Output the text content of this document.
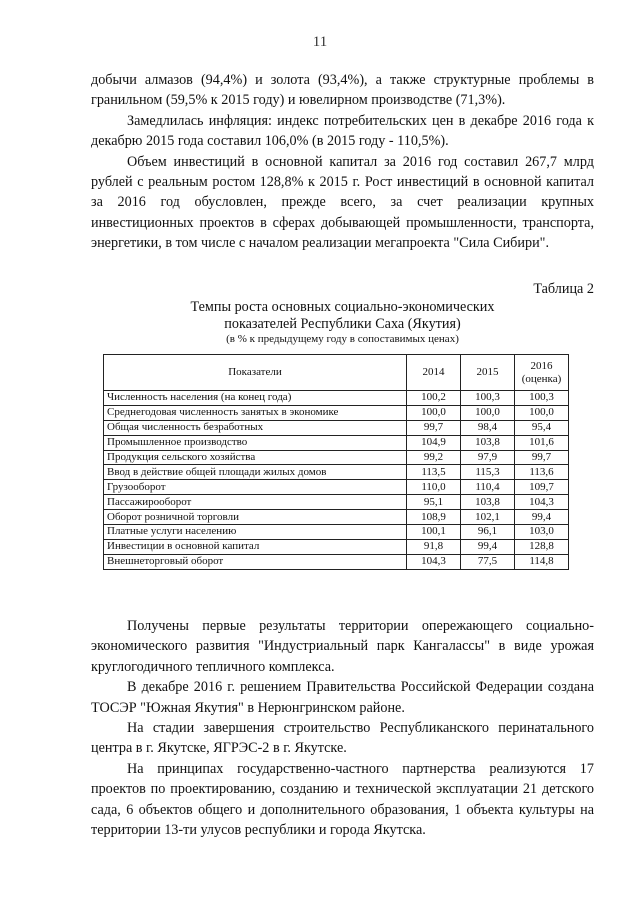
11

добычи алмазов (94,4%) и золота (93,4%), а также структурные проблемы в гранильном (59,5% к 2015 году) и ювелирном производстве (71,3%).

Замедлилась инфляция: индекс потребительских цен в декабре 2016 года к декабрю 2015 года составил 106,0% (в 2015 году - 110,5%).

Объем инвестиций в основной капитал за 2016 год составил 267,7 млрд рублей с реальным ростом 128,8% к 2015 г. Рост инвестиций в основной капитал за 2016 год обусловлен, прежде всего, за счет реализации крупных инвестиционных проектов в сферах добывающей промышленности, транспорта, энергетики, в том числе с началом реализации мегапроекта "Сила Сибири".

Таблица 2
Темпы роста основных социально-экономических
показателей Республики Саха (Якутия)
(в % к предыдущему году в сопоставимых ценах)
Показатели	2014	2015	2016
(оценка)
Численность населения (на конец года)	100,2	100,3	100,3
Среднегодовая численность занятых в экономике	100,0	100,0	100,0
Общая численность безработных	99,7	98,4	95,4
Промышленное производство	104,9	103,8	101,6
Продукция сельского хозяйства	99,2	97,9	99,7
Ввод в действие общей площади жилых домов	113,5	115,3	113,6
Грузооборот	110,0	110,4	109,7
Пассажирооборот	95,1	103,8	104,3
Оборот розничной торговли	108,9	102,1	99,4
Платные услуги населению	100,1	96,1	103,0
Инвестиции в основной капитал	91,8	99,4	128,8
Внешнеторговый оборот	104,3	77,5	114,8

Получены первые результаты территории опережающего социально-экономического развития "Индустриальный парк Кангаласcы" в виде урожая круглогодичного тепличного комплекса.

В декабре 2016 г. решением Правительства Российской Федерации создана ТОСЭР "Южная Якутия" в Нерюнгринском районе.

На стадии завершения строительство Республиканского перинатального центра в г. Якутске, ЯГРЭС-2 в г. Якутске.

На принципах государственно-частного партнерства реализуются 17 проектов по проектированию, созданию и технической эксплуатации 21 детского сада, 6 объектов общего и дополнительного образования, 1 объекта культуры на территории 13-ти улусов республики и города Якутска.
